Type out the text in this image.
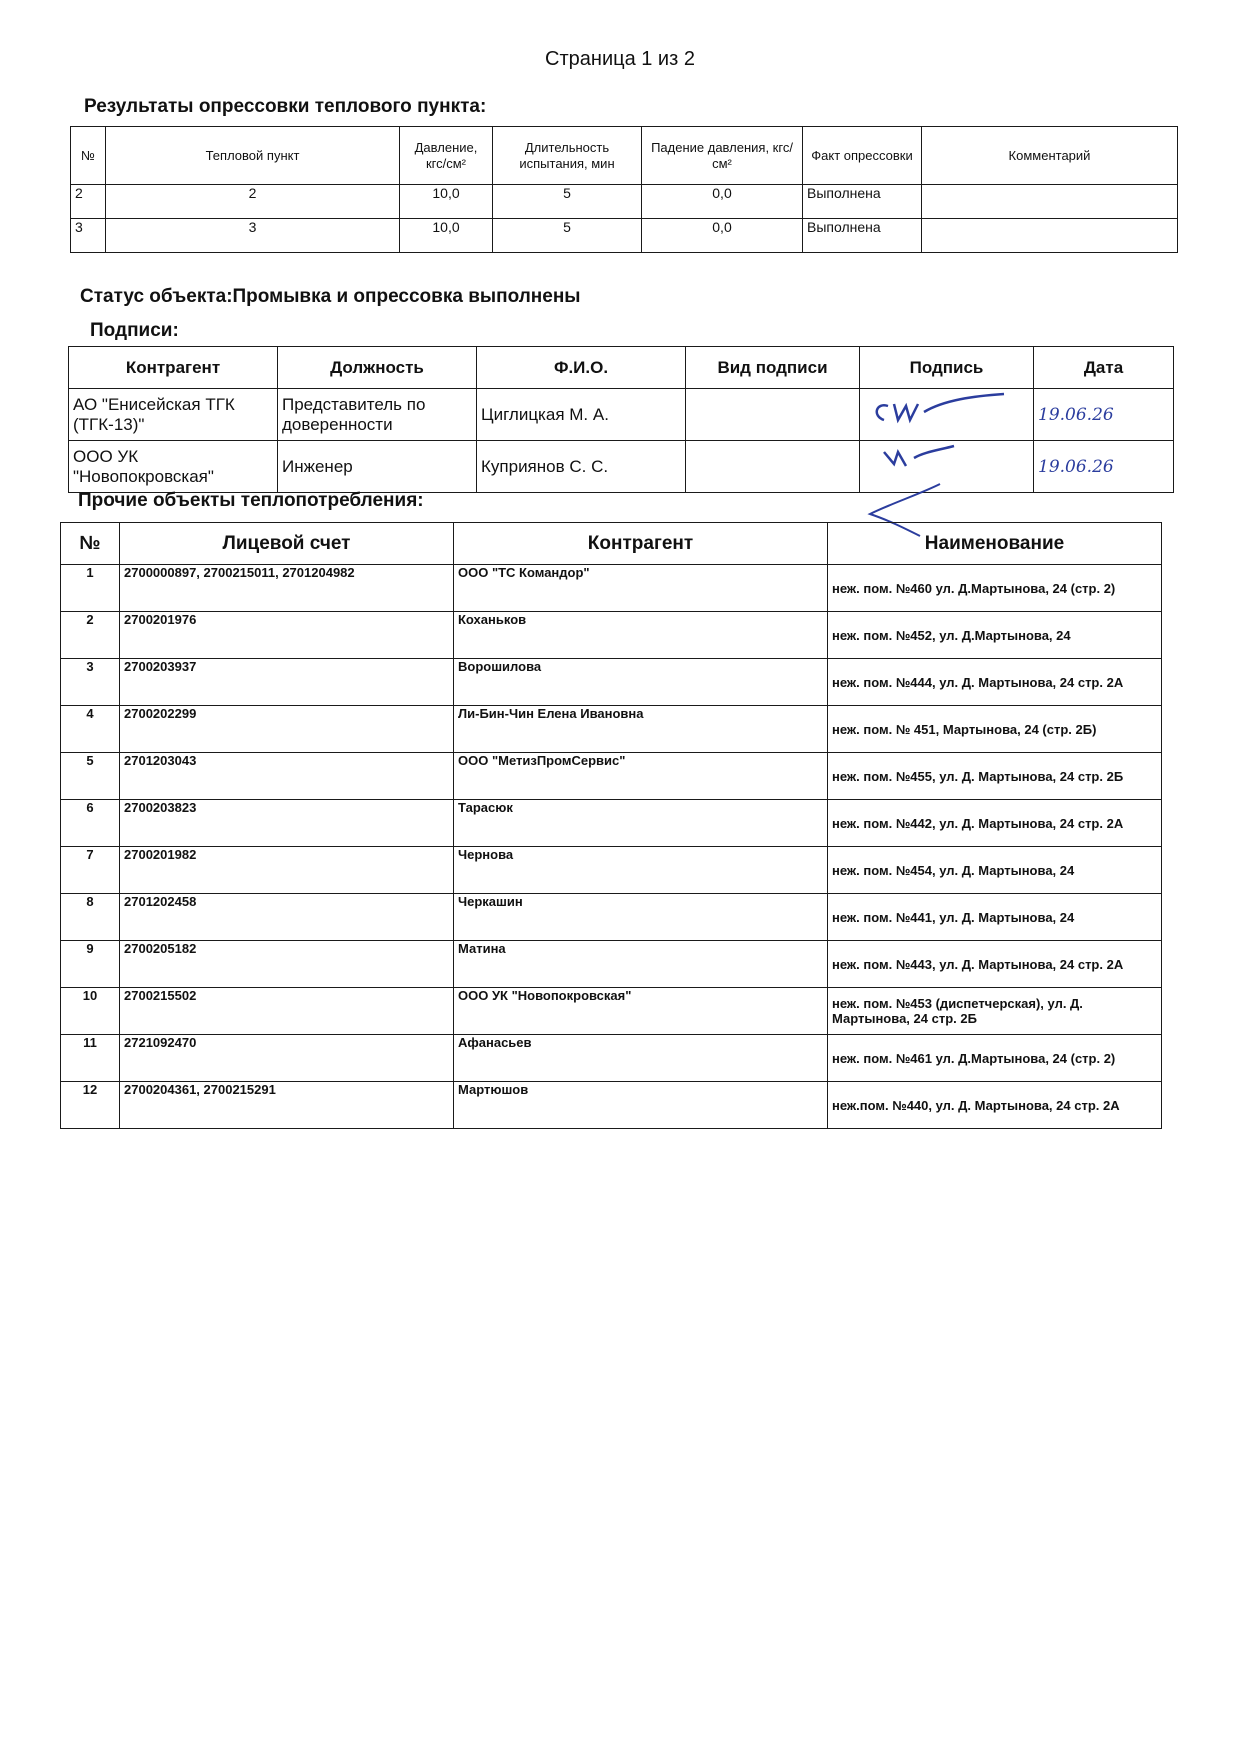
Страница 1 из 2
Результаты опрессовки теплового пункта:
№	Тепловой пункт	Давление, кгс/см²	Длительность испытания, мин	Падение давления, кгс/см²	Факт опрессовки	Комментарий
2	2	10,0	5	0,0	Выполнена	
3	3	10,0	5	0,0	Выполнена	
Статус объекта:Промывка и опрессовка выполнены
Подписи:
Контрагент	Должность	Ф.И.О.	Вид подписи	Подпись	Дата
АО "Енисейская ТГК (ТГК-13)"	Представитель по доверенности	Циглицкая М. А.			19.06.26
ООО УК "Новопокровская"	Инженер	Куприянов С. С.			19.06.26
Прочие объекты теплопотребления:
№	Лицевой счет	Контрагент	Наименование
1	2700000897, 2700215011, 2701204982	ООО "ТС Командор"	неж. пом. №460 ул. Д.Мартынова, 24 (стр. 2)
2	2700201976	Коханьков	неж. пом. №452, ул. Д.Мартынова, 24
3	2700203937	Ворошилова	неж. пом. №444, ул. Д. Мартынова, 24 стр. 2А
4	2700202299	Ли-Бин-Чин Елена Ивановна	неж. пом. № 451, Мартынова, 24 (стр. 2Б)
5	2701203043	ООО "МетизПромСервис"	неж. пом. №455, ул. Д. Мартынова, 24 стр. 2Б
6	2700203823	Тарасюк	неж. пом. №442, ул. Д. Мартынова, 24 стр. 2А
7	2700201982	Чернова	неж. пом. №454, ул. Д. Мартынова, 24
8	2701202458	Черкашин	неж. пом. №441, ул. Д. Мартынова, 24
9	2700205182	Матина	неж. пом. №443, ул. Д. Мартынова, 24 стр. 2А
10	2700215502	ООО УК "Новопокровская"	неж. пом. №453 (диспетчерская), ул. Д. Мартынова, 24 стр. 2Б
11	2721092470	Афанасьев	неж. пом. №461 ул. Д.Мартынова, 24 (стр. 2)
12	2700204361, 2700215291	Мартюшов	неж.пом. №440, ул. Д. Мартынова, 24 стр. 2А
